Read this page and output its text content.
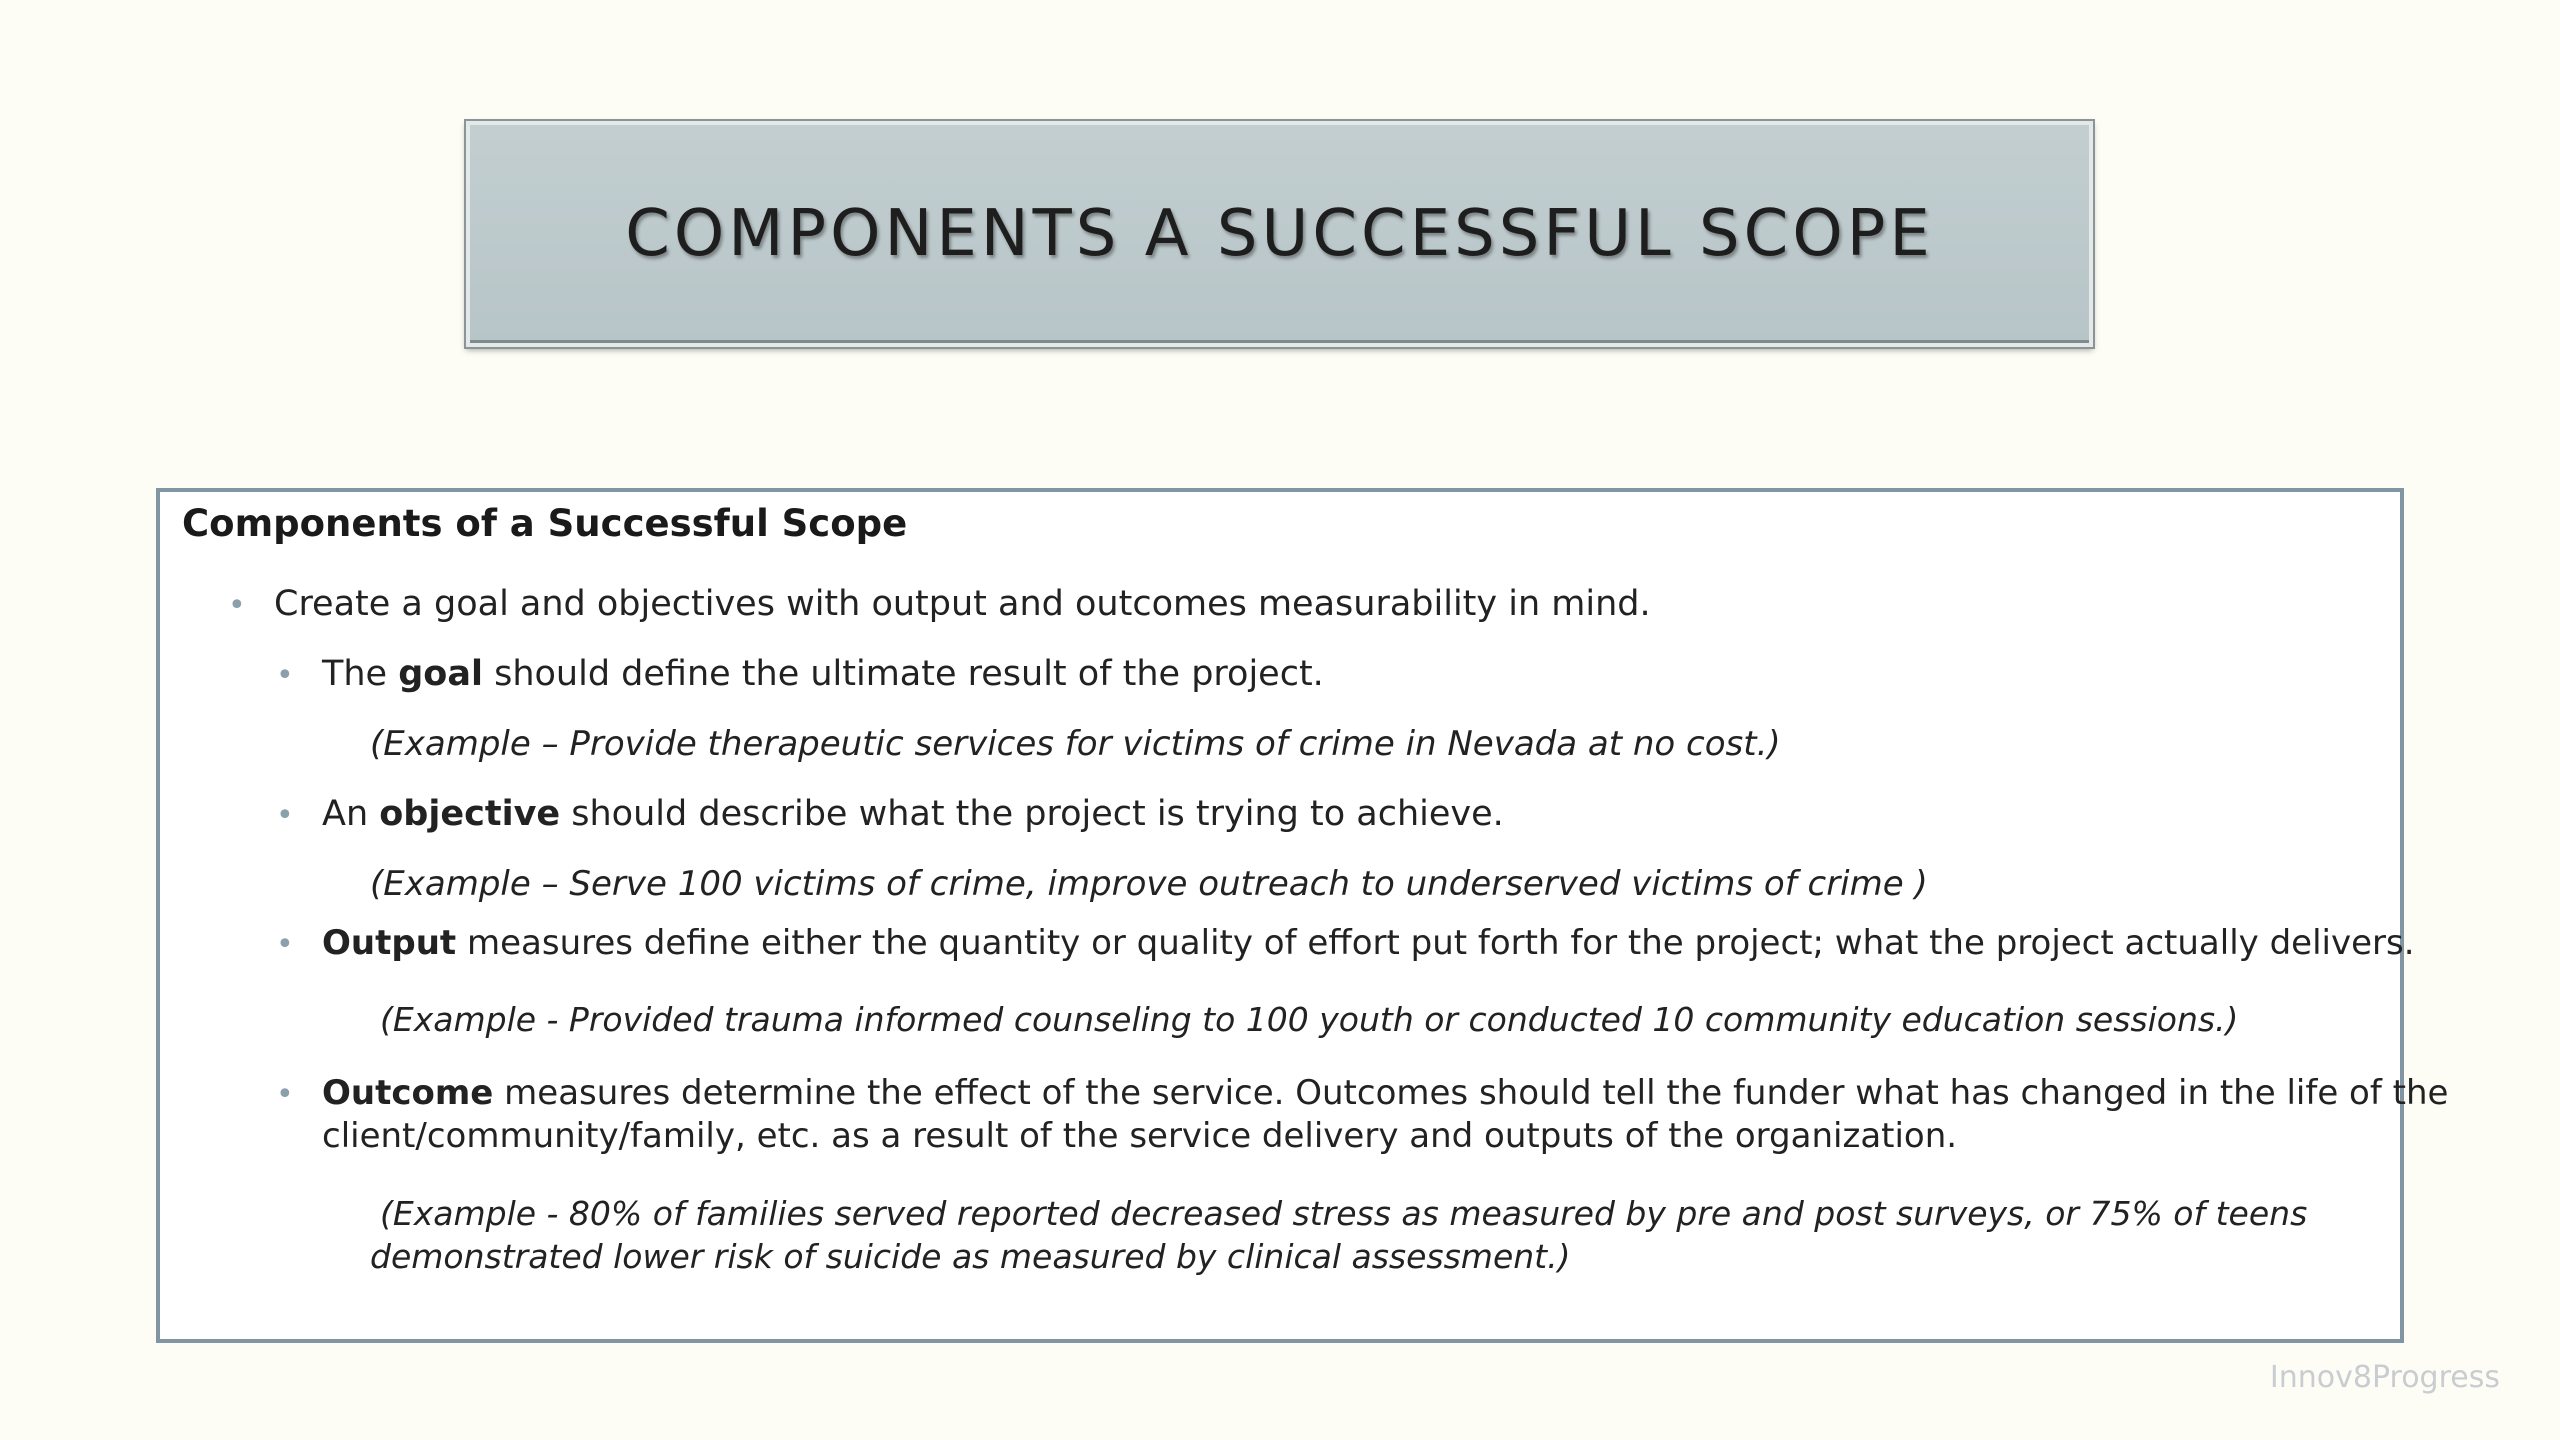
COMPONENTS A SUCCESSFUL SCOPE
Components of a Successful Scope
• Create a goal and objectives with output and outcomes measurability in mind.
• The goal should define the ultimate result of the project.
(Example – Provide therapeutic services for victims of crime in Nevada at no cost.)
• An objective should describe what the project is trying to achieve.
(Example – Serve 100 victims of crime, improve outreach to underserved victims of crime )
• Output measures define either the quantity or quality of effort put forth for the project; what the project actually delivers.
(Example - Provided trauma informed counseling to 100 youth or conducted 10 community education sessions.)
• Outcome measures determine the effect of the service. Outcomes should tell the funder what has changed in the life of the
client/community/family, etc. as a result of the service delivery and outputs of the organization.
(Example - 80% of families served reported decreased stress as measured by pre and post surveys, or 75% of teens
demonstrated lower risk of suicide as measured by clinical assessment.)
Innov8Progress
